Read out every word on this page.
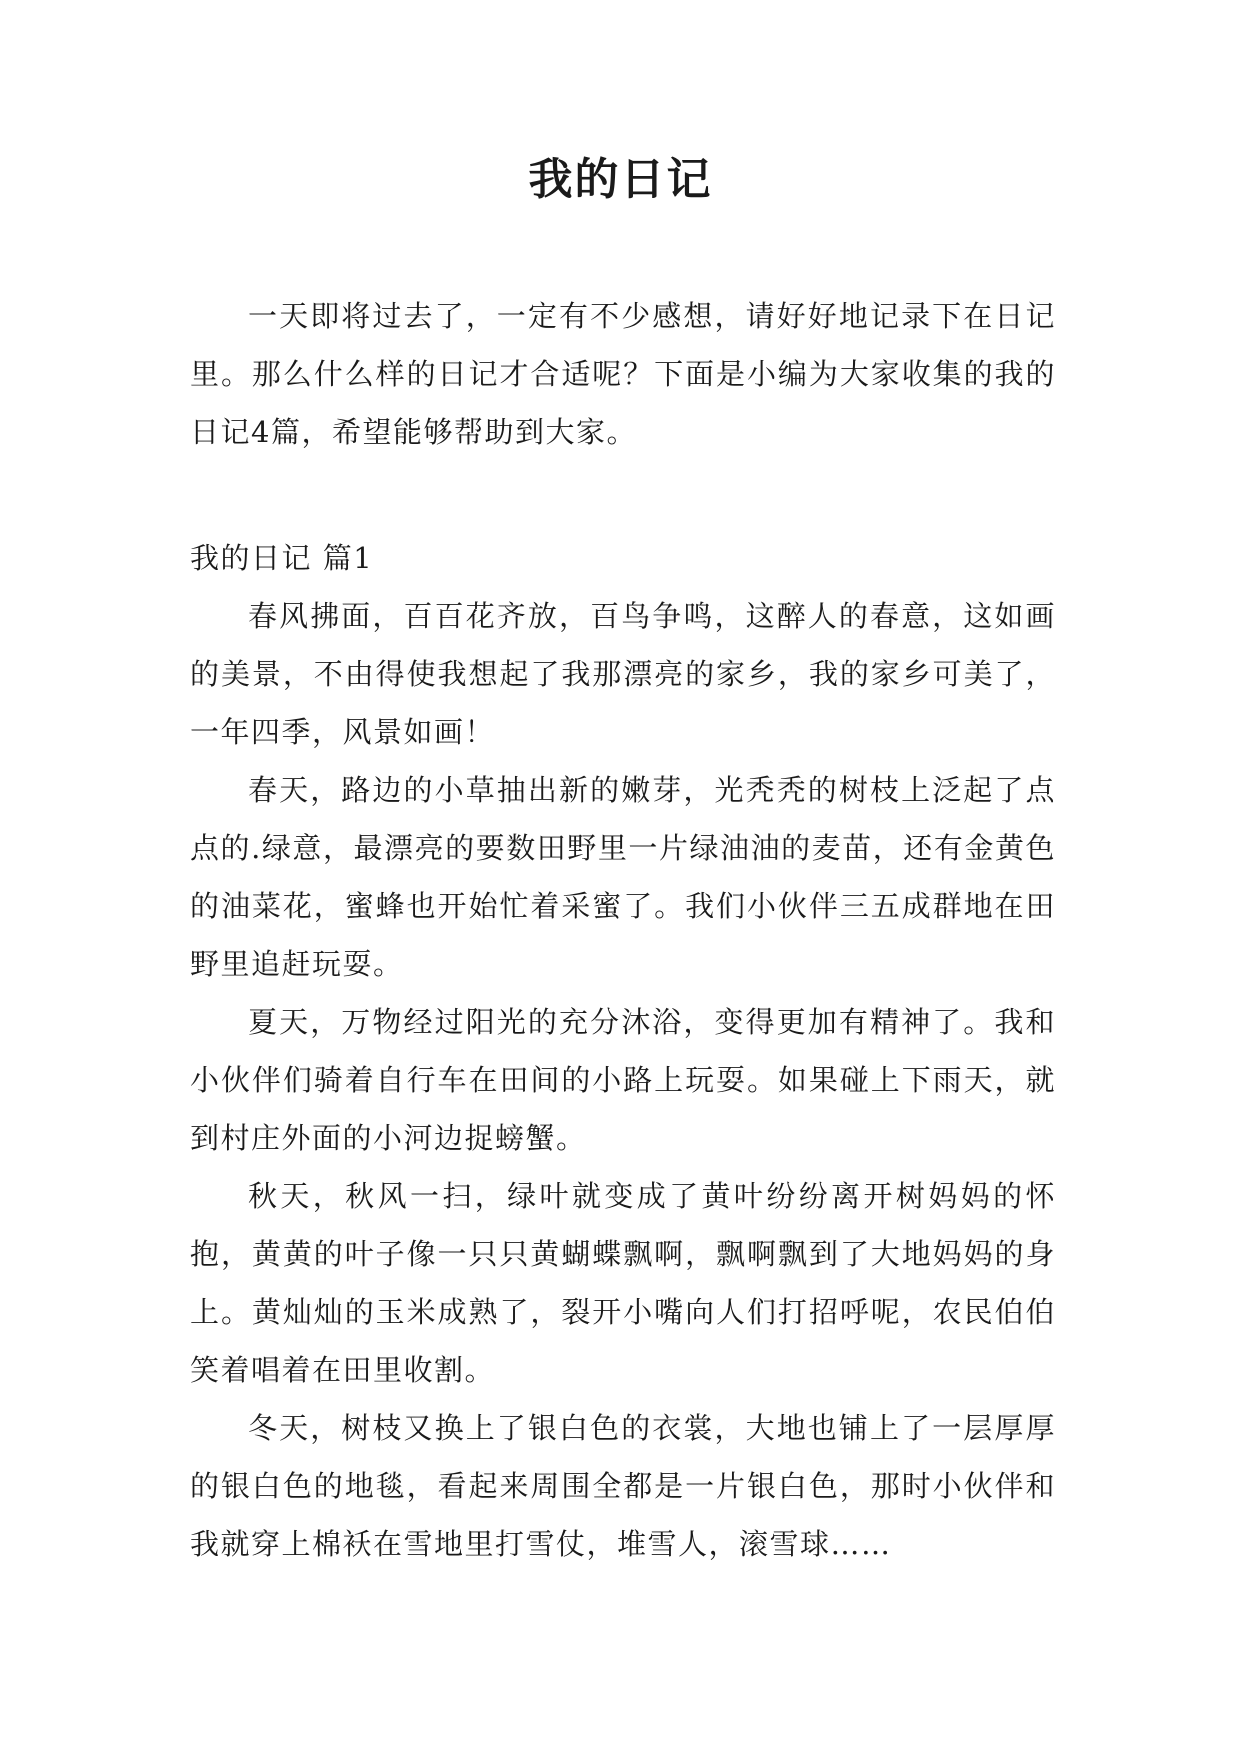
我的日记

一天即将过去了，一定有不少感想，请好好地记录下在日记里。那么什么样的日记才合适呢？下面是小编为大家收集的我的日记4篇，希望能够帮助到大家。

我的日记 篇1

春风拂面，百百花齐放，百鸟争鸣，这醉人的春意，这如画的美景，不由得使我想起了我那漂亮的家乡，我的家乡可美了，一年四季，风景如画！

春天，路边的小草抽出新的嫩芽，光秃秃的树枝上泛起了点点的.绿意，最漂亮的要数田野里一片绿油油的麦苗，还有金黄色的油菜花，蜜蜂也开始忙着采蜜了。我们小伙伴三五成群地在田野里追赶玩耍。

夏天，万物经过阳光的充分沐浴，变得更加有精神了。我和小伙伴们骑着自行车在田间的小路上玩耍。如果碰上下雨天，就到村庄外面的小河边捉螃蟹。

秋天，秋风一扫，绿叶就变成了黄叶纷纷离开树妈妈的怀抱，黄黄的叶子像一只只黄蝴蝶飘啊，飘啊飘到了大地妈妈的身上。黄灿灿的玉米成熟了，裂开小嘴向人们打招呼呢，农民伯伯笑着唱着在田里收割。

冬天，树枝又换上了银白色的衣裳，大地也铺上了一层厚厚的银白色的地毯，看起来周围全都是一片银白色，那时小伙伴和我就穿上棉袄在雪地里打雪仗，堆雪人，滚雪球……
